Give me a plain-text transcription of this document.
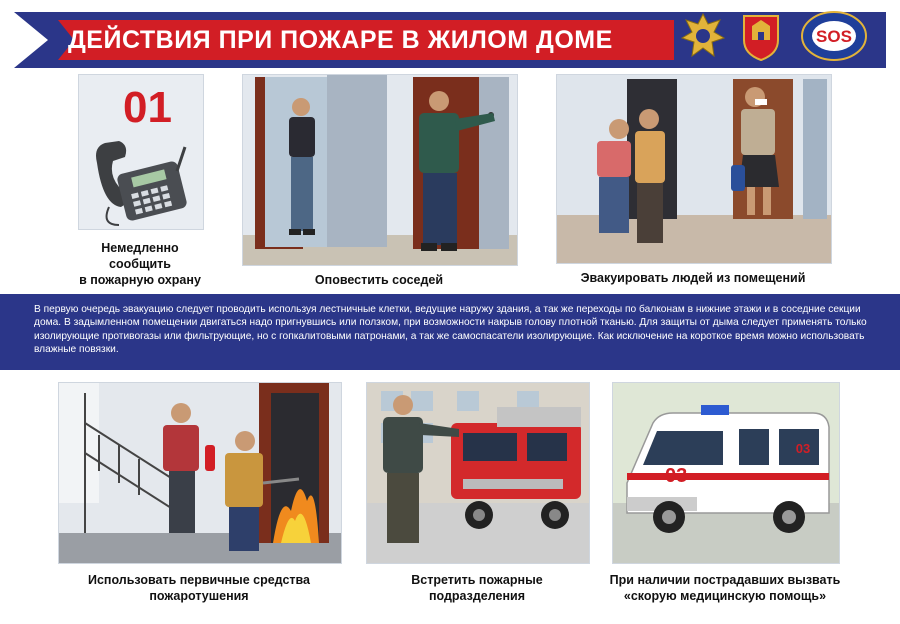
ДЕЙСТВИЯ ПРИ ПОЖАРЕ В ЖИЛОМ ДОМЕ	SOS
01
Немедленно
сообщить
в пожарную охрану	Оповестить соседей	Эвакуировать людей из помещений
В первую очередь эвакуацию следует проводить используя лестничные клетки, ведущие наружу здания, а так же переходы по балконам в нижние этажи и в соседние секции дома. В задымленном помещении двигаться надо пригнувшись или ползком, при возможности накрыв голову плотной тканью. Для защиты от дыма следует применять только изолирующие противогазы или фильтрующие, но с гопкалитовыми патронами, а так же самоспасатели изолирующие. Как исключение на короткое время можно использовать влажные повязки.
03
03
Использовать первичные средства
пожаротушения
Встретить пожарные
подразделения
При наличии пострадавших вызвать
«скорую медицинскую помощь»
